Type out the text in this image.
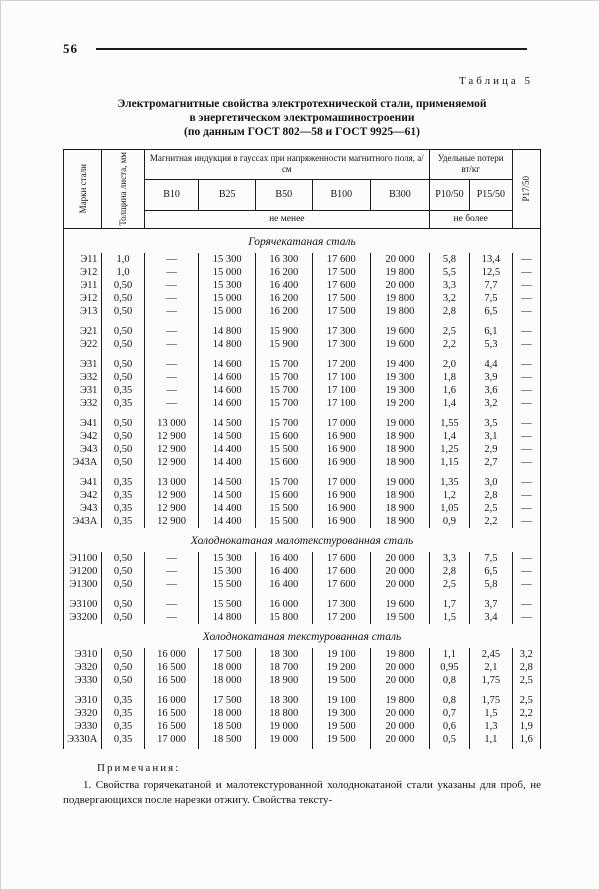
56
Таблица 5
Электромагнитные свойства электротехнической стали, применяемой
в энергетическом электромашиностроении
(по данным ГОСТ 802—58 и ГОСТ 9925—61)
Марки стали	Толщина листа, мм	Магнитная индукция в гауссах при напряженности магнитного поля, а/см					Удельные потери вт/кг		Р17/50

		В10	В25	В50	В100	В300	Р10/50	Р15/50	
		не менее					не более		
Горячекатаная сталь									
Э11	1,0	—	15 300	16 300	17 600	20 000	5,8	13,4	—
Э12	1,0	—	15 000	16 200	17 500	19 800	5,5	12,5	—
Э11	0,50	—	15 300	16 400	17 600	20 000	3,3	7,7	—
Э12	0,50	—	15 000	16 200	17 500	19 800	3,2	7,5	—
Э13	0,50	—	15 000	16 200	17 500	19 800	2,8	6,5	—
Э21	0,50	—	14 800	15 900	17 300	19 600	2,5	6,1	—
Э22	0,50	—	14 800	15 900	17 300	19 600	2,2	5,3	—
Э31	0,50	—	14 600	15 700	17 200	19 400	2,0	4,4	—
Э32	0,50	—	14 600	15 700	17 100	19 300	1,8	3,9	—
Э31	0,35	—	14 600	15 700	17 100	19 300	1,6	3,6	—
Э32	0,35	—	14 600	15 700	17 100	19 200	1,4	3,2	—
Э41	0,50	13 000	14 500	15 700	17 000	19 000	1,55	3,5	—
Э42	0,50	12 900	14 500	15 600	16 900	18 900	1,4	3,1	—
Э43	0,50	12 900	14 400	15 500	16 900	18 900	1,25	2,9	—
Э43А	0,50	12 900	14 400	15 600	16 900	18 900	1,15	2,7	—
Э41	0,35	13 000	14 500	15 700	17 000	19 000	1,35	3,0	—
Э42	0,35	12 900	14 500	15 600	16 900	18 900	1,2	2,8	—
Э43	0,35	12 900	14 400	15 500	16 900	18 900	1,05	2,5	—
Э43А	0,35	12 900	14 400	15 500	16 900	18 900	0,9	2,2	—
Холоднокатаная малотекстурованная сталь									
Э1100	0,50	—	15 300	16 400	17 600	20 000	3,3	7,5	—
Э1200	0,50	—	15 300	16 400	17 600	20 000	2,8	6,5	—
Э1300	0,50	—	15 500	16 400	17 600	20 000	2,5	5,8	—
Э3100	0,50	—	15 500	16 000	17 300	19 600	1,7	3,7	—
Э3200	0,50	—	14 800	15 800	17 200	19 500	1,5	3,4	—
Холоднокатаная текстурованная сталь									
Э310	0,50	16 000	17 500	18 300	19 100	19 800	1,1	2,45	3,2
Э320	0,50	16 500	18 000	18 700	19 200	20 000	0,95	2,1	2,8
Э330	0,50	16 500	18 000	18 900	19 500	20 000	0,8	1,75	2,5
Э310	0,35	16 000	17 500	18 300	19 100	19 800	0,8	1,75	2,5
Э320	0,35	16 500	18 000	18 800	19 300	20 000	0,7	1,5	2,2
Э330	0,35	16 500	18 500	19 000	19 500	20 000	0,6	1,3	1,9
Э330А	0,35	17 000	18 500	19 000	19 500	20 000	0,5	1,1	1,6

Примечания:

1. Свойства горячекатаной и малотекстурованной холоднокатаной стали указаны для проб, не подвергающихся после нарезки отжигу. Свойства тексту-
